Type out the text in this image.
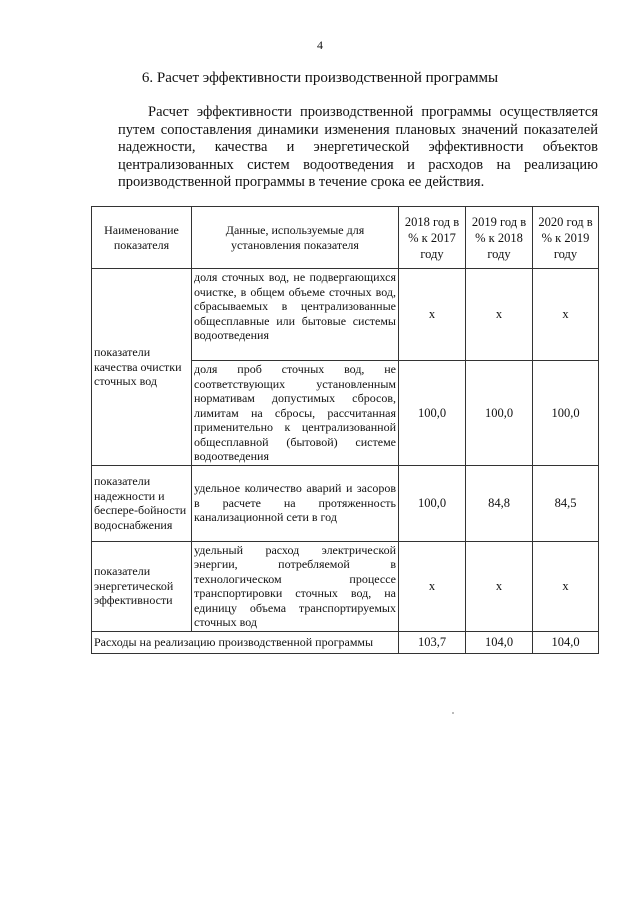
4
6. Расчет эффективности производственной программы

Расчет эффективности производственной программы осуществляется путем сопоставления динамики изменения плановых значений показателей надежности, качества и энергетической эффективности объектов централизованных систем водоотведения и расходов на реализацию производственной программы в течение срока ее действия.

Наименование показателя	Данные, используемые для установления показателя	2018 год в % к 2017 году	2019 год в % к 2018 году	2020 год в % к 2019 году
показатели качества очистки сточных вод	доля сточных вод, не подвергающихся очистке, в общем объеме сточных вод, сбрасываемых в централизованные общесплавные или бытовые системы водоотведения	x	x	x
	доля проб сточных вод, не соответствующих установленным нормативам допустимых сбросов, лимитам на сбросы, рассчитанная применительно к централизованной общесплавной (бытовой) системе водоотведения	100,0	100,0	100,0
показатели надежности и беспере-бойности водоснабжения	удельное количество аварий и засоров в расчете на протяженность канализационной сети в год	100,0	84,8	84,5
показатели энергетической эффективности	удельный расход электрической энергии, потребляемой в технологическом процессе транспортировки сточных вод, на единицу объема транспортируемых сточных вод	x	x	x
Расходы на реализацию производственной программы		103,7	104,0	104,0
